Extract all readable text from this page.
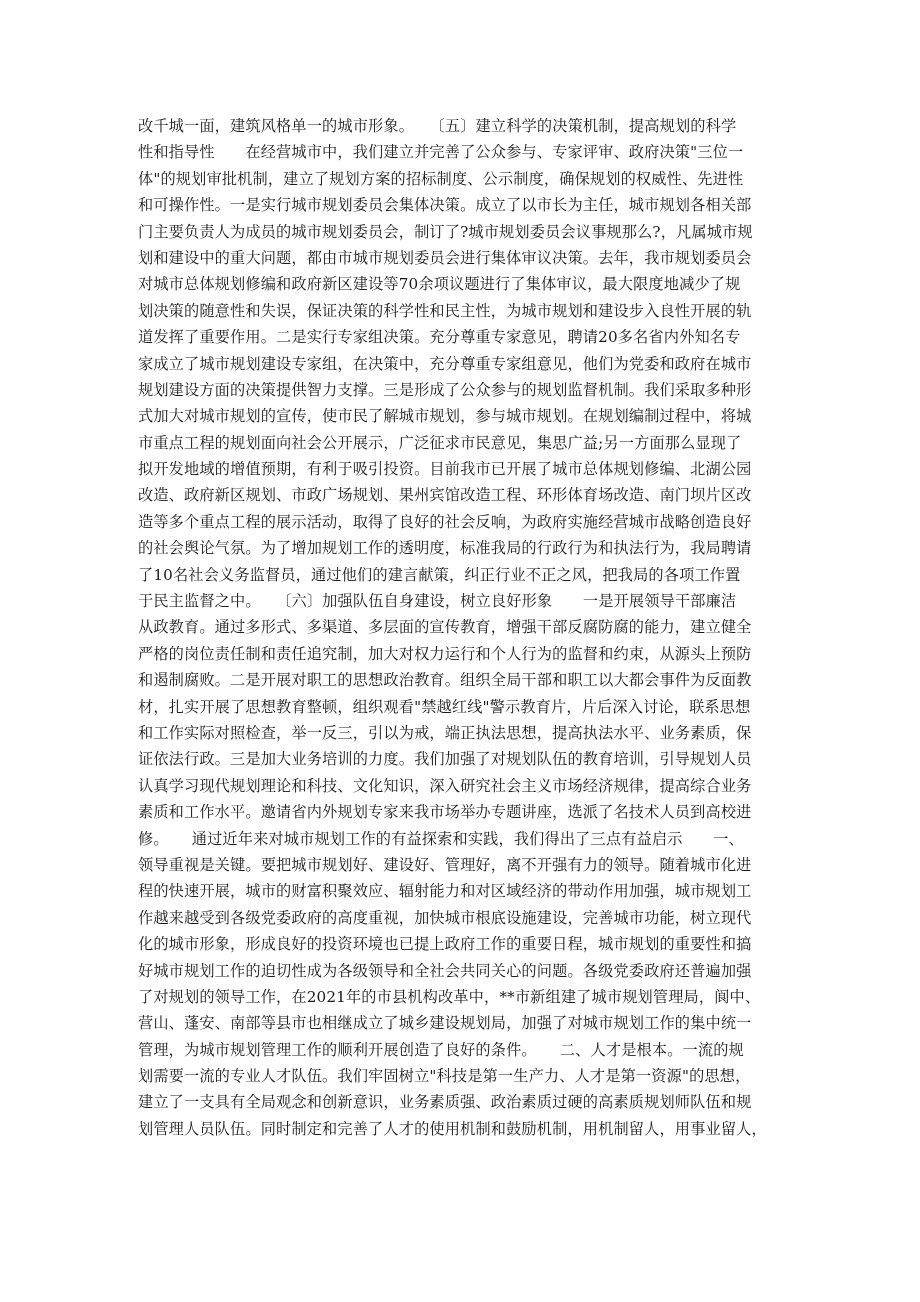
改千城一面，建筑风格单一的城市形象。　　〔五〕建立科学的决策机制，提高规划的科学
性和指导性　　在经营城市中，我们建立并完善了公众参与、专家评审、政府决策"三位一
体"的规划审批机制，建立了规划方案的招标制度、公示制度，确保规划的权威性、先进性
和可操作性。一是实行城市规划委员会集体决策。成立了以市长为主任，城市规划各相关部
门主要负责人为成员的城市规划委员会，制订了?城市规划委员会议事规那么?，凡属城市规
划和建设中的重大问题，都由市城市规划委员会进行集体审议决策。去年，我市规划委员会
对城市总体规划修编和政府新区建设等70余项议题进行了集体审议，最大限度地减少了规
划决策的随意性和失误，保证决策的科学性和民主性，为城市规划和建设步入良性开展的轨
道发挥了重要作用。二是实行专家组决策。充分尊重专家意见，聘请20多名省内外知名专
家成立了城市规划建设专家组，在决策中，充分尊重专家组意见，他们为党委和政府在城市
规划建设方面的决策提供智力支撑。三是形成了公众参与的规划监督机制。我们采取多种形
式加大对城市规划的宣传，使市民了解城市规划，参与城市规划。在规划编制过程中，将城
市重点工程的规划面向社会公开展示，广泛征求市民意见，集思广益;另一方面那么显现了
拟开发地域的增值预期，有利于吸引投资。目前我市已开展了城市总体规划修编、北湖公园
改造、政府新区规划、市政广场规划、果州宾馆改造工程、环形体育场改造、南门坝片区改
造等多个重点工程的展示活动，取得了良好的社会反响，为政府实施经营城市战略创造良好
的社会舆论气氛。为了增加规划工作的透明度，标准我局的行政行为和执法行为，我局聘请
了10名社会义务监督员，通过他们的建言献策，纠正行业不正之风，把我局的各项工作置
于民主监督之中。　　〔六〕加强队伍自身建设，树立良好形象　　一是开展领导干部廉洁
从政教育。通过多形式、多渠道、多层面的宣传教育，增强干部反腐防腐的能力，建立健全
严格的岗位责任制和责任追究制，加大对权力运行和个人行为的监督和约束，从源头上预防
和遏制腐败。二是开展对职工的思想政治教育。组织全局干部和职工以大都会事件为反面教
材，扎实开展了思想教育整顿，组织观看"禁越红线"警示教育片，片后深入讨论，联系思想
和工作实际对照检查，举一反三，引以为戒，端正执法思想，提高执法水平、业务素质，保
证依法行政。三是加大业务培训的力度。我们加强了对规划队伍的教育培训，引导规划人员
认真学习现代规划理论和科技、文化知识，深入研究社会主义市场经济规律，提高综合业务
素质和工作水平。邀请省内外规划专家来我市场举办专题讲座，选派了名技术人员到高校进
修。　　通过近年来对城市规划工作的有益探索和实践，我们得出了三点有益启示　　一、
领导重视是关键。要把城市规划好、建设好、管理好，离不开强有力的领导。随着城市化进
程的快速开展，城市的财富积聚效应、辐射能力和对区域经济的带动作用加强，城市规划工
作越来越受到各级党委政府的高度重视，加快城市根底设施建设，完善城市功能，树立现代
化的城市形象，形成良好的投资环境也已提上政府工作的重要日程，城市规划的重要性和搞
好城市规划工作的迫切性成为各级领导和全社会共同关心的问题。各级党委政府还普遍加强
了对规划的领导工作，在2021年的市县机构改革中，**市新组建了城市规划管理局，阆中、
营山、蓬安、南部等县市也相继成立了城乡建设规划局，加强了对城市规划工作的集中统一
管理，为城市规划管理工作的顺利开展创造了良好的条件。　　二、人才是根本。一流的规
划需要一流的专业人才队伍。我们牢固树立"科技是第一生产力、人才是第一资源"的思想，
建立了一支具有全局观念和创新意识，业务素质强、政治素质过硬的高素质规划师队伍和规
划管理人员队伍。同时制定和完善了人才的使用机制和鼓励机制，用机制留人，用事业留人，
